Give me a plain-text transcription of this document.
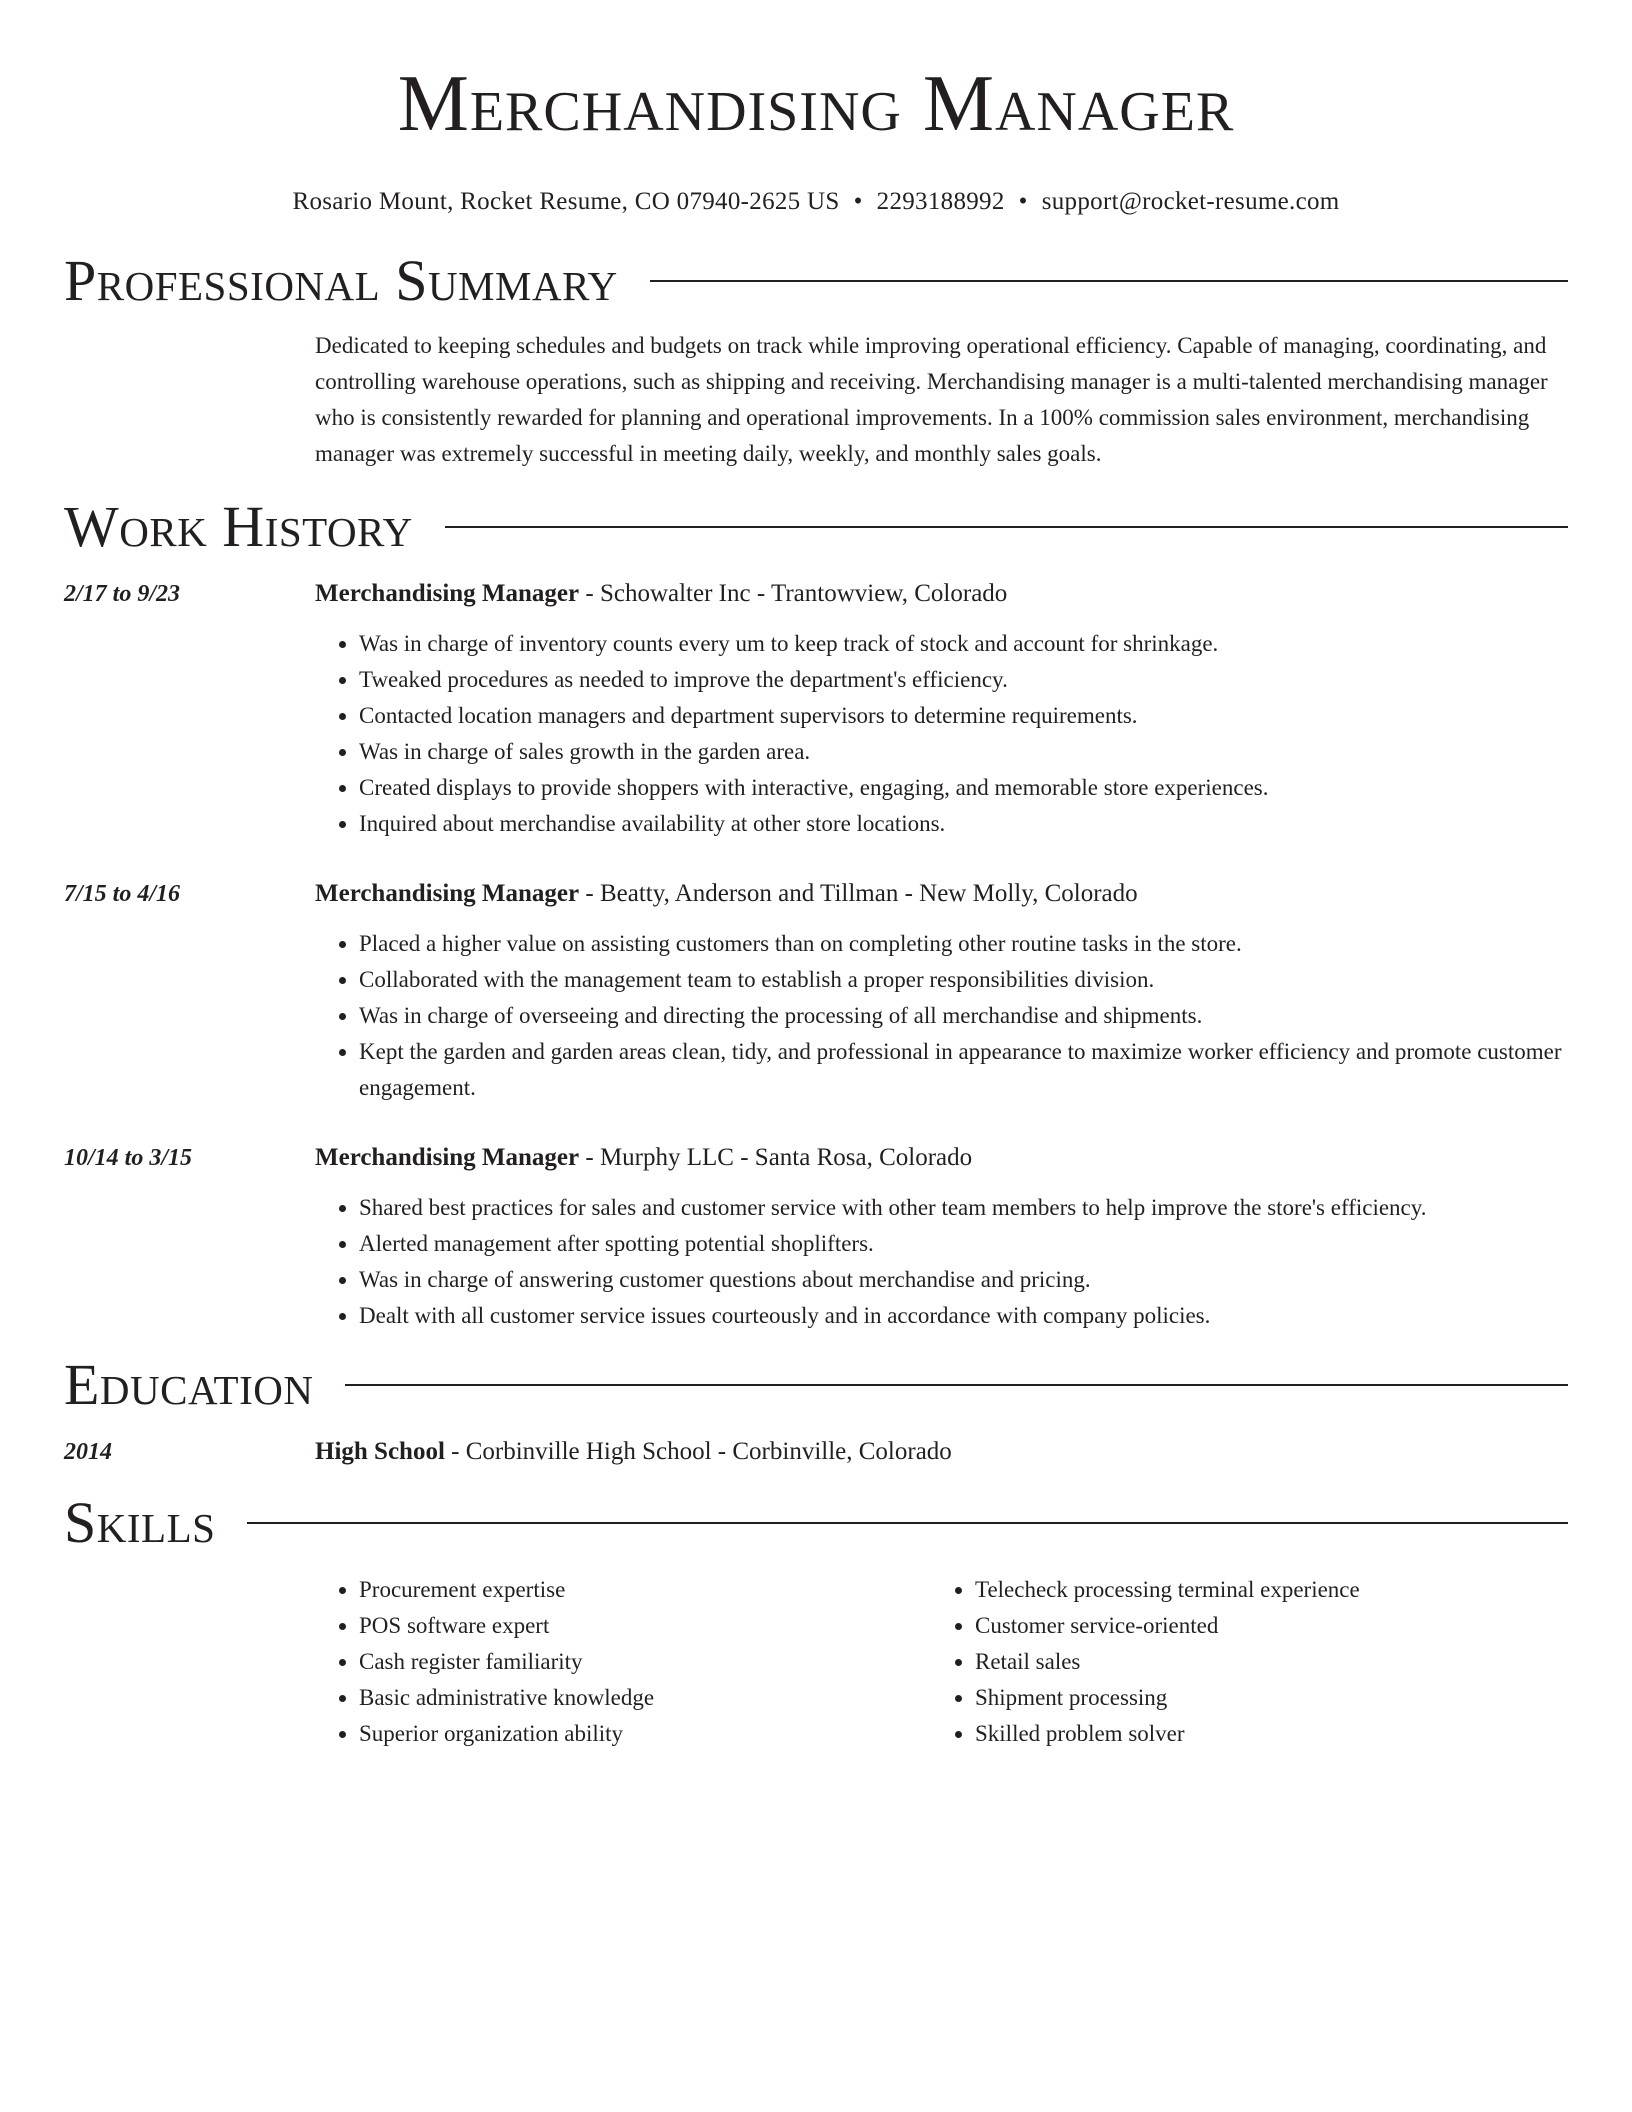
Merchandising Manager
Rosario Mount, Rocket Resume, CO 07940-2625 US • 2293188992 • support@rocket-resume.com
Professional Summary

Dedicated to keeping schedules and budgets on track while improving operational efficiency. Capable of managing, coordinating, and controlling warehouse operations, such as shipping and receiving. Merchandising manager is a multi-talented merchandising manager who is consistently rewarded for planning and operational improvements. In a 100% commission sales environment, merchandising manager was extremely successful in meeting daily, weekly, and monthly sales goals.

Work History
2/17 to 9/23	Merchandising Manager - Schowalter Inc - Trantowview, Colorado
• Was in charge of inventory counts every um to keep track of stock and account for shrinkage.
• Tweaked procedures as needed to improve the department's efficiency.
• Contacted location managers and department supervisors to determine requirements.
• Was in charge of sales growth in the garden area.
• Created displays to provide shoppers with interactive, engaging, and memorable store experiences.
• Inquired about merchandise availability at other store locations.
7/15 to 4/16	Merchandising Manager - Beatty, Anderson and Tillman - New Molly, Colorado
• Placed a higher value on assisting customers than on completing other routine tasks in the store.
• Collaborated with the management team to establish a proper responsibilities division.
• Was in charge of overseeing and directing the processing of all merchandise and shipments.
• Kept the garden and garden areas clean, tidy, and professional in appearance to maximize worker efficiency and promote customer engagement.
10/14 to 3/15	Merchandising Manager - Murphy LLC - Santa Rosa, Colorado
• Shared best practices for sales and customer service with other team members to help improve the store's efficiency.
• Alerted management after spotting potential shoplifters.
• Was in charge of answering customer questions about merchandise and pricing.
• Dealt with all customer service issues courteously and in accordance with company policies.
Education
2014	High School - Corbinville High School - Corbinville, Colorado
Skills
• Procurement expertise
• POS software expert
• Cash register familiarity
• Basic administrative knowledge
• Superior organization ability
• Telecheck processing terminal experience
• Customer service-oriented
• Retail sales
• Shipment processing
• Skilled problem solver
